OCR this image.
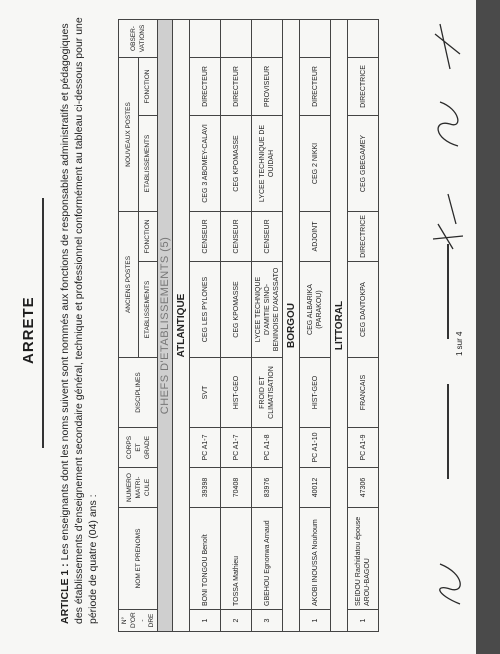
ARRETE
ARTICLE 1 : Les enseignants dont les noms suivent sont nommés aux fonctions de responsables administratifs et pédagogiques des établissements d'enseignement secondaire général, technique et professionnel conformément au tableau ci-dessous pour une période de quatre (04) ans :	N° D'OR -DRE	NOM ET PRENOMS	NUMERO MATRI- CULE	CORPS ET GRADE	DISCIPLINES	ANCIENS POSTES		NOUVEAUX POSTES		OBSER- VATIONS
					ETABLISSEMENTS	FONCTION	ETABLISSEMENTS	FONCTION	
CHEFS D'ETABLISSEMENTS (5)									
ATLANTIQUE									
1	BONI TONGOU Benoît	39398	PC A1-7	SVT	CEG LES PYLONES	CENSEUR	CEG 3 ABOMEY-CALAVI	DIRECTEUR	
2	TOSSA Mathieu	70408	PC A1-7	HIST-GEO	CEG KPOMASSE	CENSEUR	CEG KPOMASSE	DIRECTEUR	
3	GBEHOU Egnonwa Arnaud	83976	PC A1-8	FROID ET CLIMATISATION	LYCEE TECHNIQUE D'AMITIE SINO-BENINOISE D'AKASSATO	CENSEUR	LYCEE TECHNIQUE DE OUIDAH	PROVISEUR	
BORGOU									
1	AKOBI INOUSSA Nouhoum	40012	PC A1-10	HIST-GEO	CEG ALBARIKA (PARAKOU)	ADJOINT	CEG 2 NIKKI	DIRECTEUR	
LITTORAL									
1	SEIDOU Rachidatou épouse AROU-BAGOU	47306	PC A1-9	FRANCAIS	CEG DANTOKPA	DIRECTRICE	CEG GBEGAMEY	DIRECTRICE	
1 sur 4
